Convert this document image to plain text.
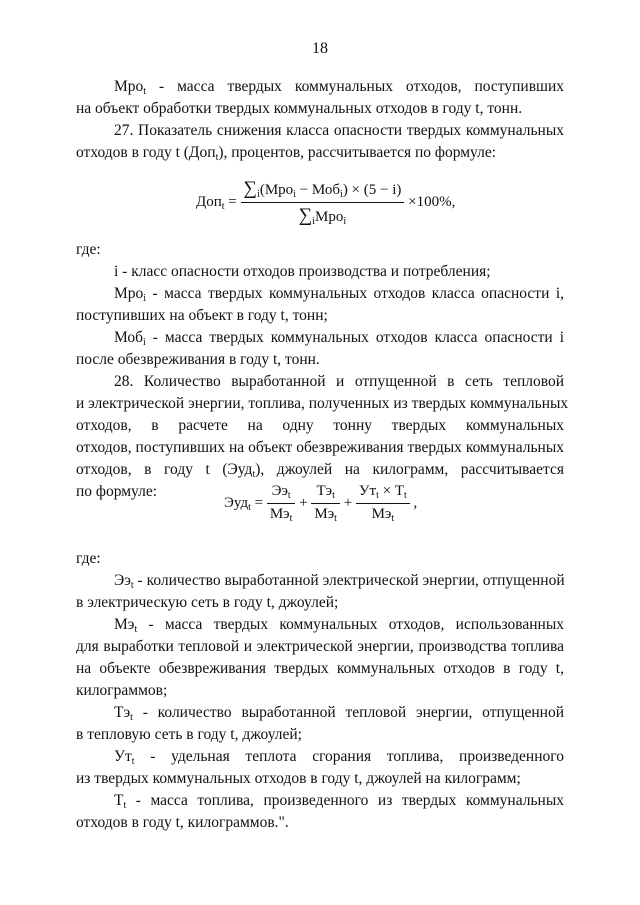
18
Мро$_t$ - масса твердых коммунальных отходов, поступивших
на объект обработки твердых коммунальных отходов в году t, тонн.
27. Показатель снижения класса опасности твердых коммунальных
отходов в году t (Доп$_t$), процентов, рассчитывается по формуле:
$Доп_t = \frac{\sum_i(Мро_i - Моб_i) \times (5 - i)}{\sum_iМро_i} \times 100\%$,
где:
i - класс опасности отходов производства и потребления;
Мро$_i$ - масса твердых коммунальных отходов класса опасности i,
поступивших на объект в году t, тонн;
Моб$_i$ - масса твердых коммунальных отходов класса опасности i
после обезвреживания в году t, тонн.
28. Количество выработанной и отпущенной в сеть тепловой
и электрической энергии, топлива, полученных из твердых коммунальных
отходов, в расчете на одну тонну твердых коммунальных
отходов, поступивших на объект обезвреживания твердых коммунальных
отходов, в году t (Эуд$_t$), джоулей на килограмм, рассчитывается
по формуле:
$Эуд_t = \frac{Ээ_t}{Мэ_t} + \frac{Тэ_t}{Мэ_t} + \frac{Ут_t \times Т_t}{Мэ_t}$ ,
где:
$Ээ_t$ - количество выработанной электрической энергии, отпущенной
в электрическую сеть в году t, джоулей;
$Мэ_t$ - масса твердых коммунальных отходов, использованных
для выработки тепловой и электрической энергии, производства топлива
на объекте обезвреживания твердых коммунальных отходов в году t,
килограммов;
$Тэ_t$ - количество выработанной тепловой энергии, отпущенной
в тепловую сеть в году t, джоулей;
$Ут_t$ - удельная теплота сгорания топлива, произведенного
из твердых коммунальных отходов в году t, джоулей на килограмм;
$Т_t$ - масса топлива, произведенного из твердых коммунальных
отходов в году t, килограммов.".
